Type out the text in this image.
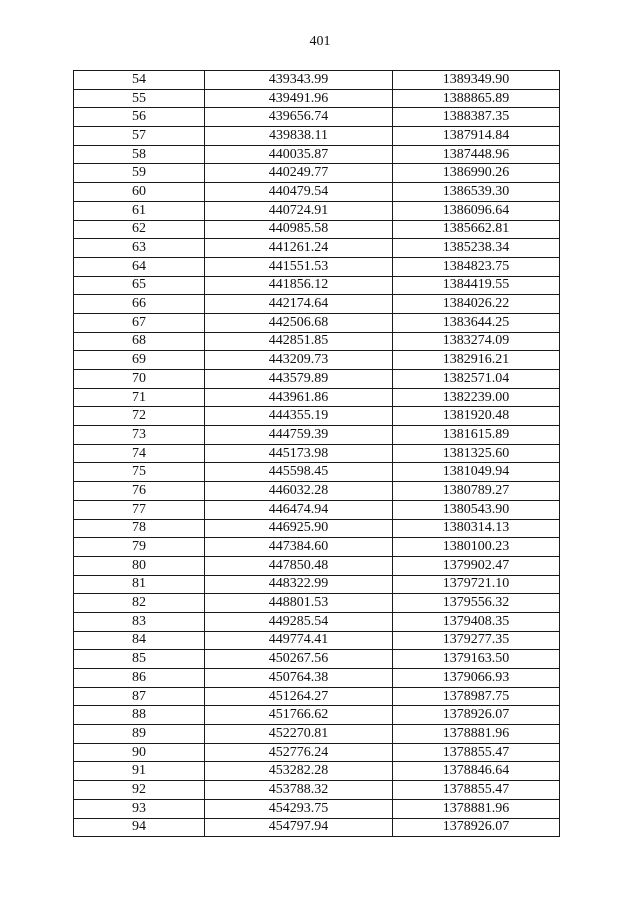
401
54	439343.99	1389349.90
55	439491.96	1388865.89
56	439656.74	1388387.35
57	439838.11	1387914.84
58	440035.87	1387448.96
59	440249.77	1386990.26
60	440479.54	1386539.30
61	440724.91	1386096.64
62	440985.58	1385662.81
63	441261.24	1385238.34
64	441551.53	1384823.75
65	441856.12	1384419.55
66	442174.64	1384026.22
67	442506.68	1383644.25
68	442851.85	1383274.09
69	443209.73	1382916.21
70	443579.89	1382571.04
71	443961.86	1382239.00
72	444355.19	1381920.48
73	444759.39	1381615.89
74	445173.98	1381325.60
75	445598.45	1381049.94
76	446032.28	1380789.27
77	446474.94	1380543.90
78	446925.90	1380314.13
79	447384.60	1380100.23
80	447850.48	1379902.47
81	448322.99	1379721.10
82	448801.53	1379556.32
83	449285.54	1379408.35
84	449774.41	1379277.35
85	450267.56	1379163.50
86	450764.38	1379066.93
87	451264.27	1378987.75
88	451766.62	1378926.07
89	452270.81	1378881.96
90	452776.24	1378855.47
91	453282.28	1378846.64
92	453788.32	1378855.47
93	454293.75	1378881.96
94	454797.94	1378926.07
